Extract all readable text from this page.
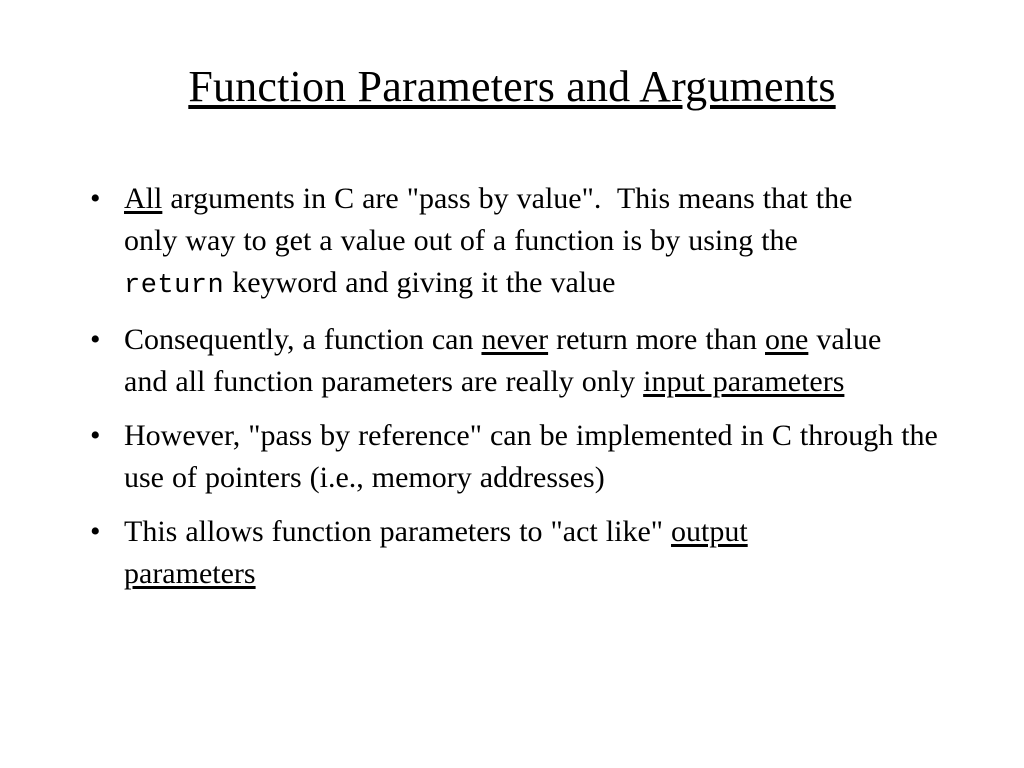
Function Parameters and Arguments
• All arguments in C are "pass by value".  This means that the only way to get a value out of a function is by using the return keyword and giving it the value
• Consequently, a function can never return more than one value and all function parameters are really only input parameters
• However, "pass by reference" can be implemented in C through the use of pointers (i.e., memory addresses)
• This allows function parameters to "act like" output parameters
